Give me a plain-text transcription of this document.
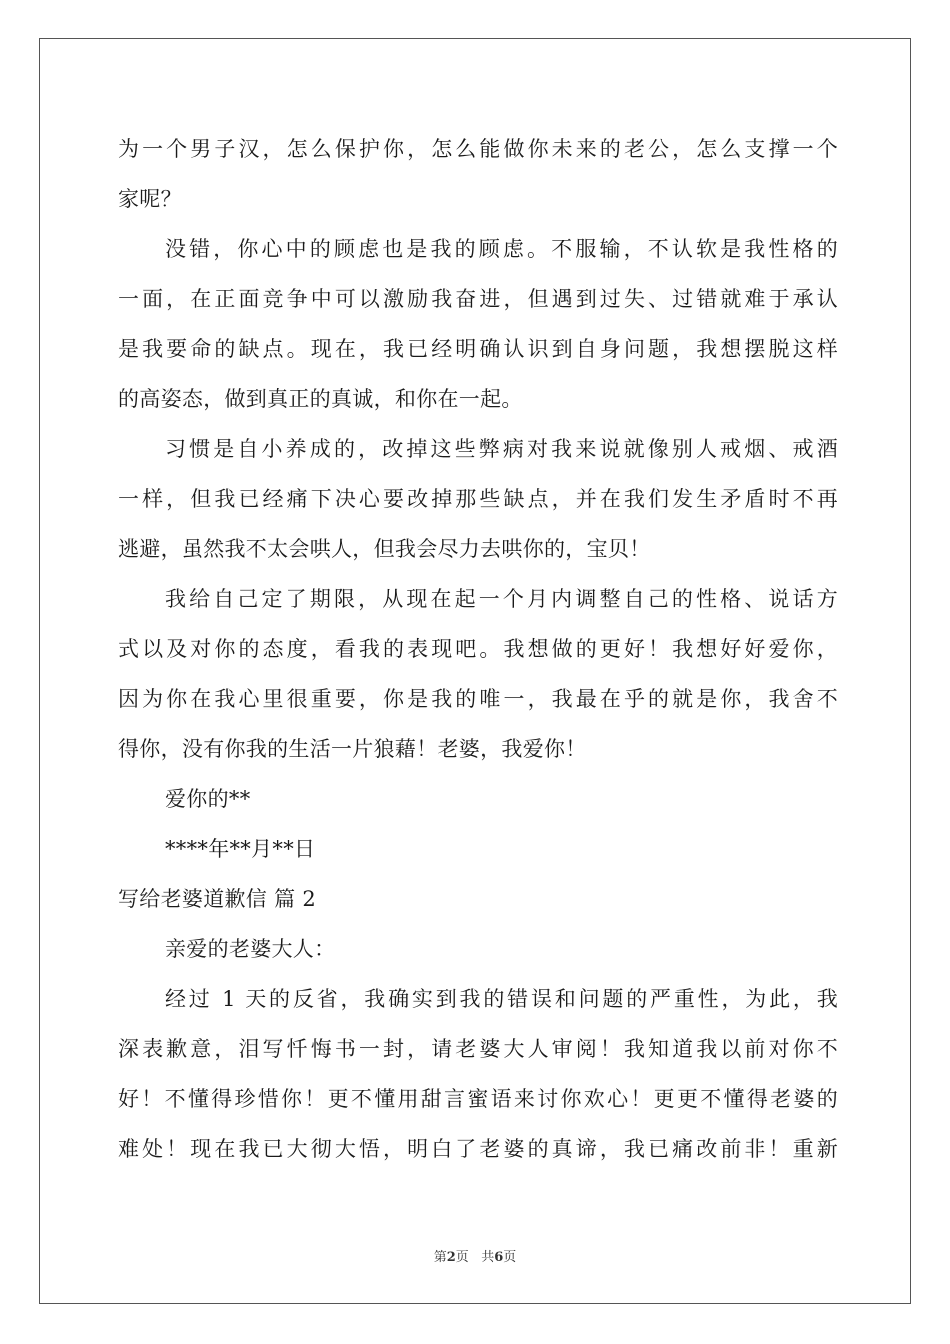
为一个男子汉，怎么保护你，怎么能做你未来的老公，怎么支撑一个
家呢？
没错，你心中的顾虑也是我的顾虑。不服输，不认软是我性格的
一面，在正面竞争中可以激励我奋进，但遇到过失、过错就难于承认
是我要命的缺点。现在，我已经明确认识到自身问题，我想摆脱这样
的高姿态，做到真正的真诚，和你在一起。
习惯是自小养成的，改掉这些弊病对我来说就像别人戒烟、戒酒
一样，但我已经痛下决心要改掉那些缺点，并在我们发生矛盾时不再
逃避，虽然我不太会哄人，但我会尽力去哄你的，宝贝！
我给自己定了期限，从现在起一个月内调整自己的性格、说话方
式以及对你的态度，看我的表现吧。我想做的更好！我想好好爱你，
因为你在我心里很重要，你是我的唯一，我最在乎的就是你，我舍不
得你，没有你我的生活一片狼藉！老婆，我爱你！
爱你的**
****年**月**日
写给老婆道歉信 篇 2
亲爱的老婆大人：
经过 1 天的反省，我确实到我的错误和问题的严重性，为此，我
深表歉意，泪写忏悔书一封，请老婆大人审阅！我知道我以前对你不
好！不懂得珍惜你！更不懂用甜言蜜语来讨你欢心！更更不懂得老婆的
难处！现在我已大彻大悟，明白了老婆的真谛，我已痛改前非！重新
第2页 共6页
